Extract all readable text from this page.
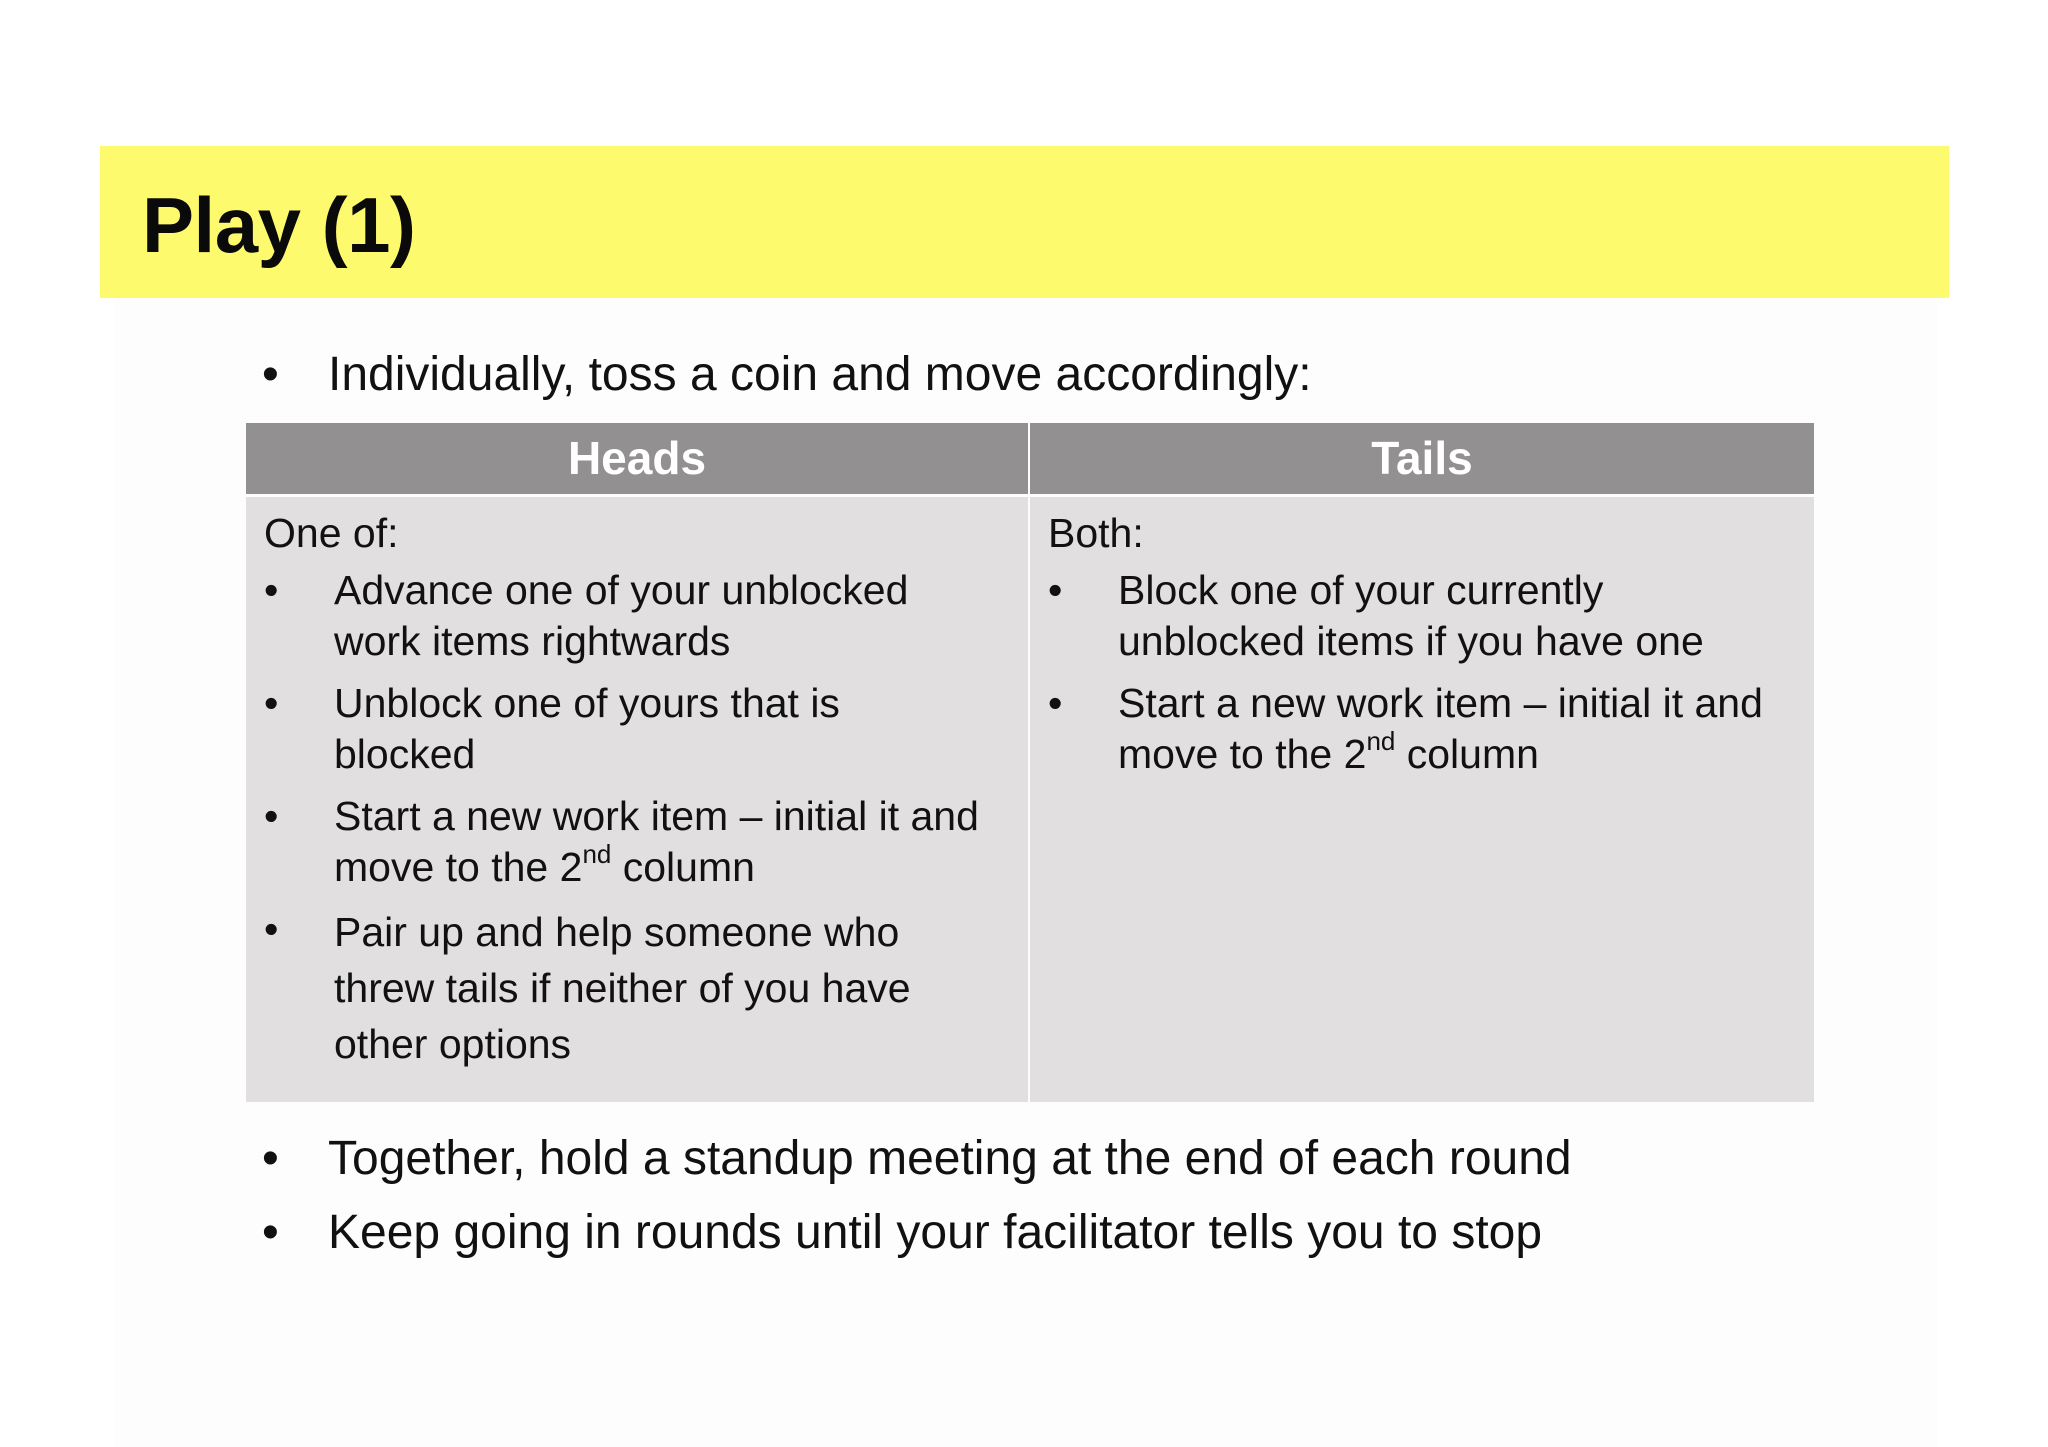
Play (1)
• Individually, toss a coin and move accordingly:
Heads	Tails

One of:

• Advance one of your unblocked work items rightwards
• Unblock one of yours that is blocked
• Start a new work item – initial it and move to the 2nd column
• Pair up and help someone who threw tails if neither of you have other options

Both:

• Block one of your currently unblocked items if you have one
• Start a new work item – initial it and move to the 2nd column
• Together, hold a standup meeting at the end of each round
• Keep going in rounds until your facilitator tells you to stop
